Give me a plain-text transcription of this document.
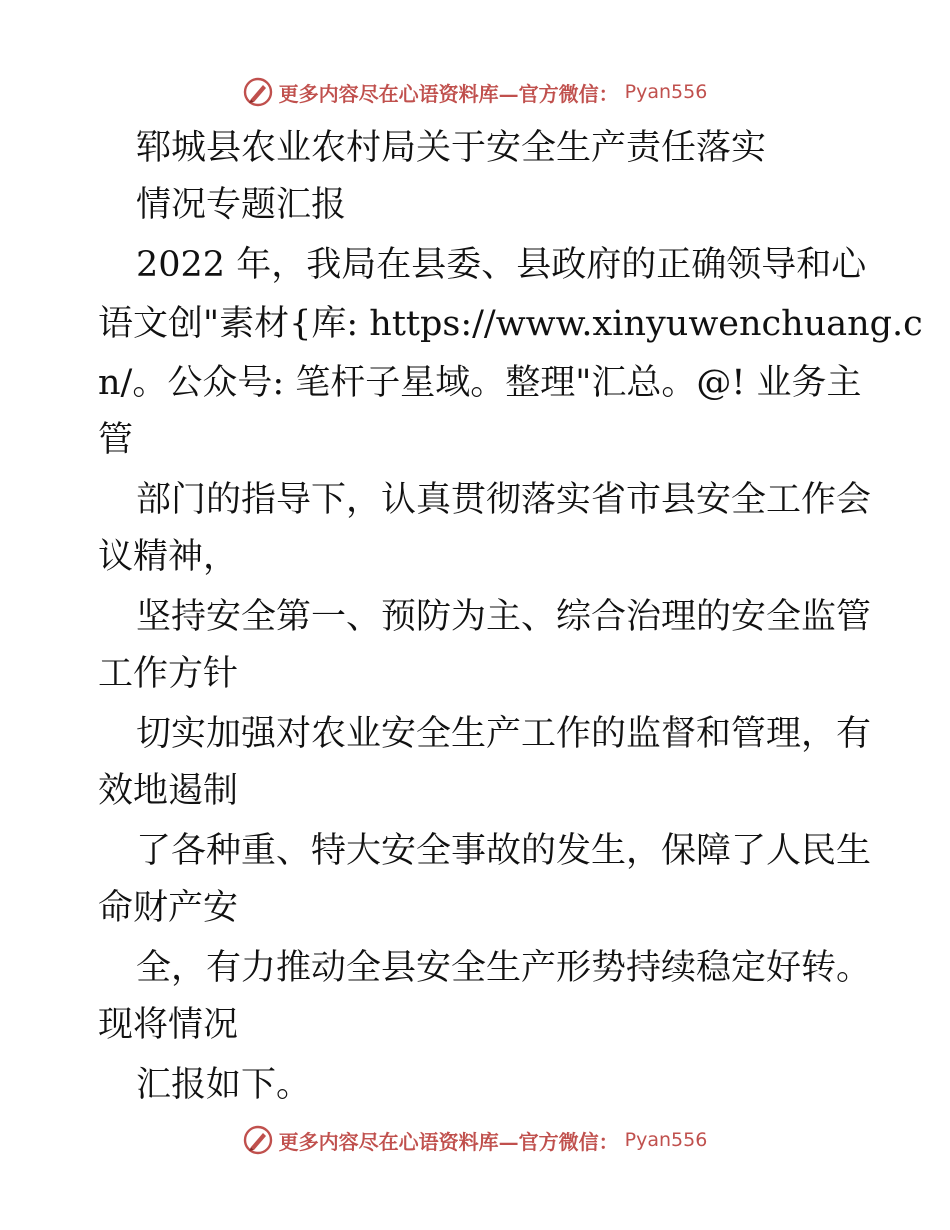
更多内容尽在心语资料库—官方微信： Pyan556
郓城县农业农村局关于安全生产责任落实
情况专题汇报
2022 年，我局在县委、县政府的正确领导和心
语文创"素材{库: https://www.xinyuwenchuang.c
n/。公众号: 笔杆子星域。整理"汇总。@! 业务主
管
部门的指导下，认真贯彻落实省市县安全工作会
议精神，
坚持安全第一、预防为主、综合治理的安全监管
工作方针
切实加强对农业安全生产工作的监督和管理，有
效地遏制
了各种重、特大安全事故的发生，保障了人民生
命财产安
全，有力推动全县安全生产形势持续稳定好转。
现将情况
汇报如下。
更多内容尽在心语资料库—官方微信： Pyan556
